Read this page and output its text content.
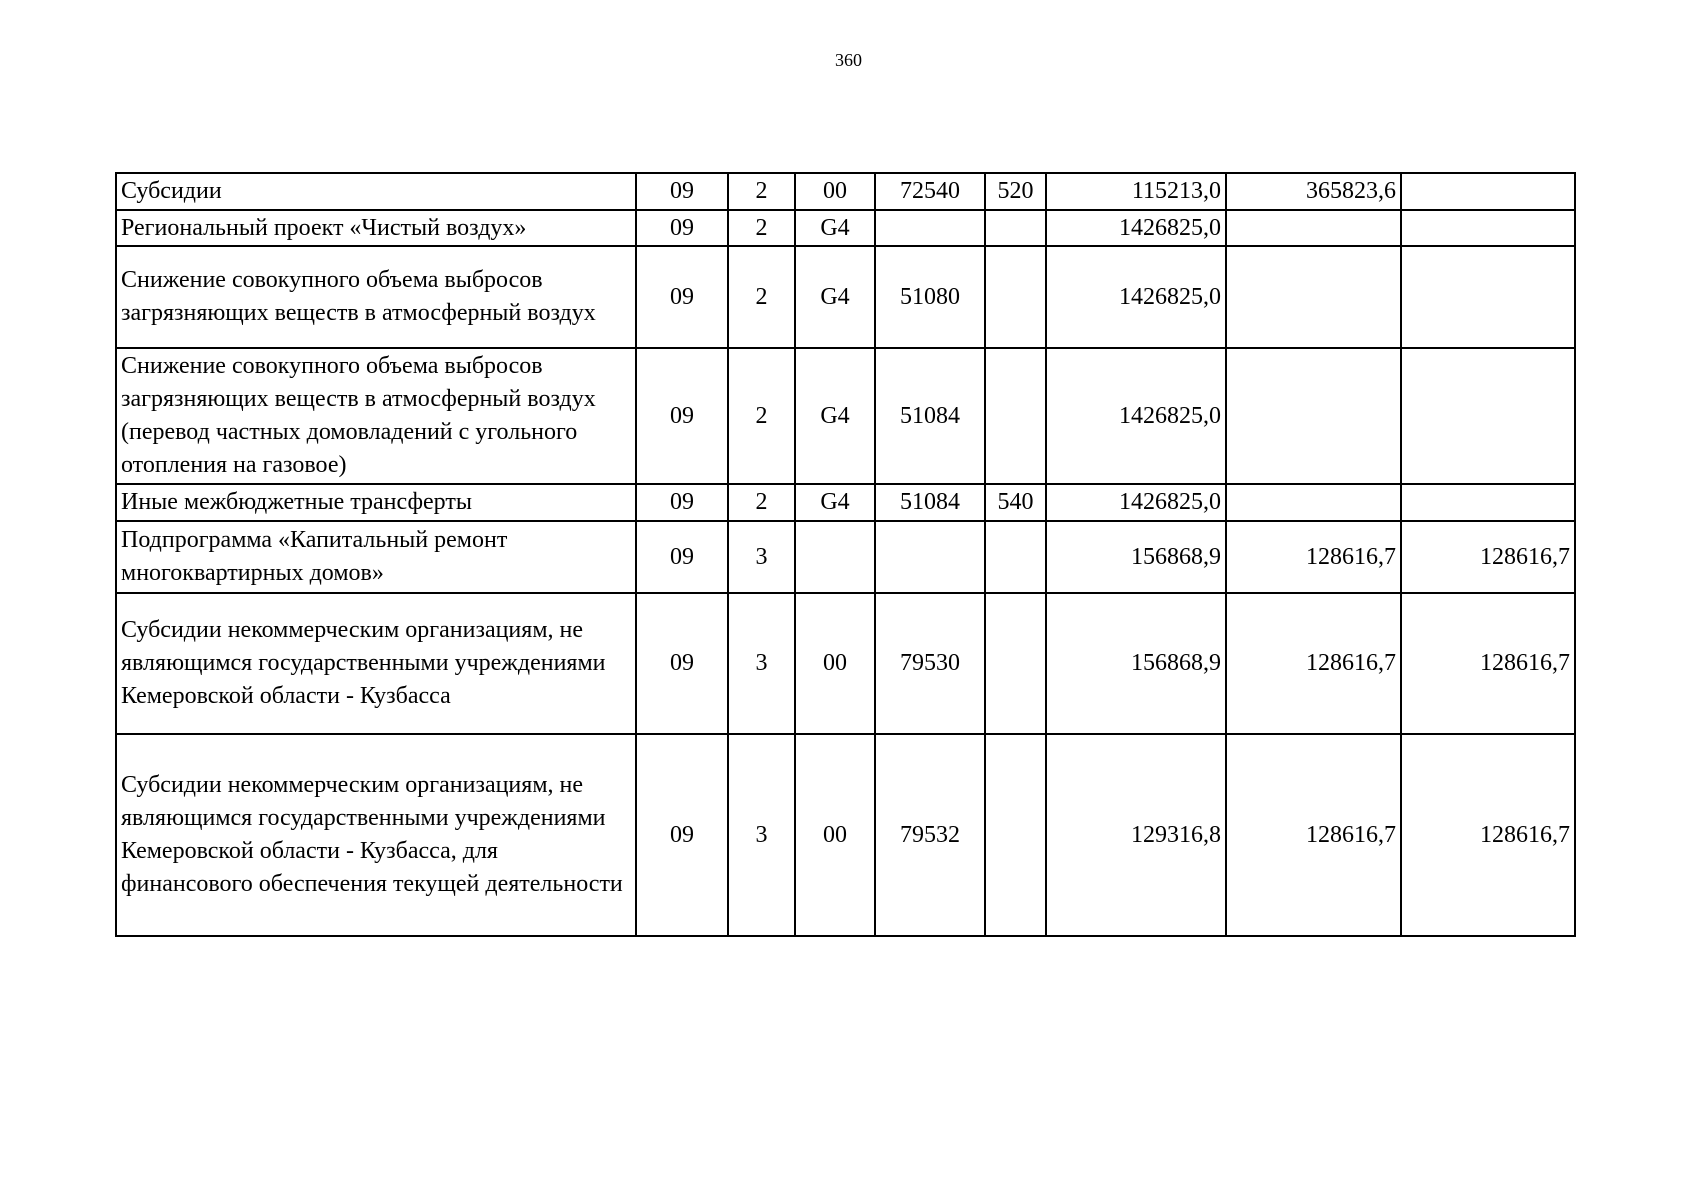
360
Субсидии	09	2	00	72540	520	115213,0	365823,6	
Региональный проект «Чистый воздух»	09	2	G4			1426825,0		
Снижение совокупного объема выбросов загрязняющих веществ в атмосферный воздух	09	2	G4	51080		1426825,0		
Снижение совокупного объема выбросов загрязняющих веществ в атмосферный воздух (перевод частных домовладений с угольного отопления на газовое)	09	2	G4	51084		1426825,0		
Иные межбюджетные трансферты	09	2	G4	51084	540	1426825,0		
Подпрограмма «Капитальный ремонт многоквартирных домов»	09	3				156868,9	128616,7	128616,7
Субсидии некоммерческим организациям, не являющимся государственными учреждениями Кемеровской области - Кузбасса	09	3	00	79530		156868,9	128616,7	128616,7
Субсидии некоммерческим организациям, не являющимся государственными учреждениями Кемеровской области - Кузбасса, для финансового обеспечения текущей деятельности	09	3	00	79532		129316,8	128616,7	128616,7
